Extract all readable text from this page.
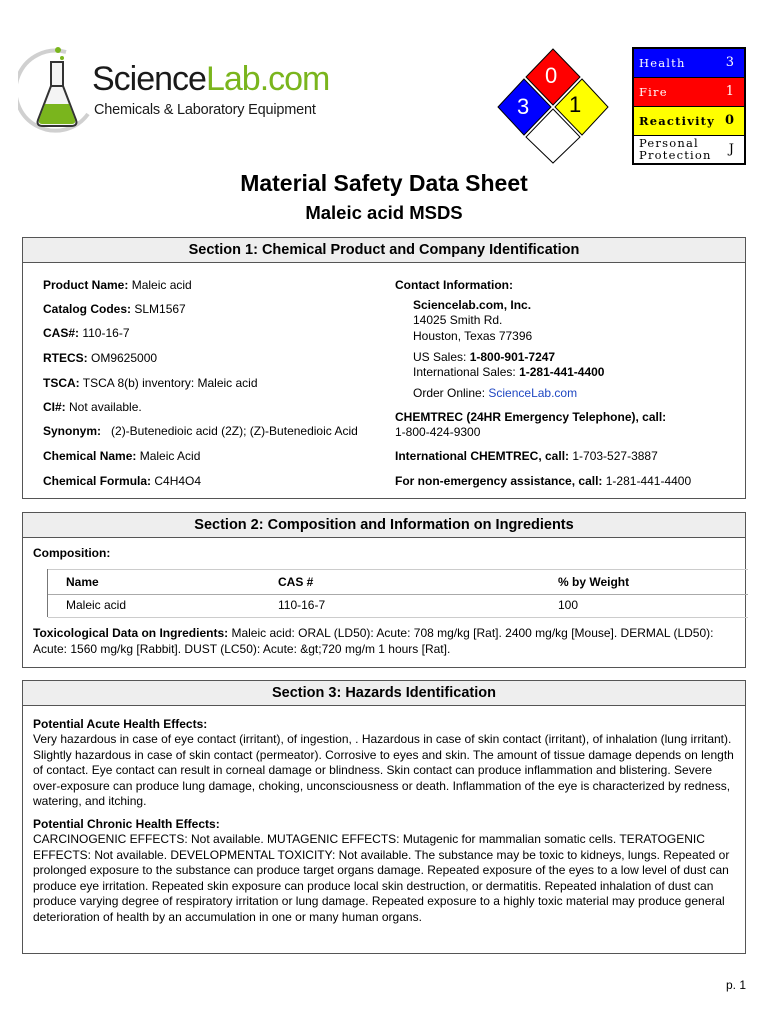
ScienceLab.com
Chemicals & Laboratory Equipment
0
3 1
Health	3
Fire	1
Reactivity 0
Personal
Protection J
Material Safety Data Sheet
Maleic acid MSDS
Section 1: Chemical Product and Company Identification
Product Name: Maleic acid
Catalog Codes: SLM1567
CAS#: 110-16-7
RTECS: OM9625000
TSCA: TSCA 8(b) inventory: Maleic acid
CI#: Not available.
Synonym:   (2)-Butenedioic acid (2Z); (Z)-Butenedioic Acid
Chemical Name: Maleic Acid
Chemical Formula: C4H4O4
Contact Information:
Sciencelab.com, Inc.
14025 Smith Rd.
Houston, Texas 77396
US Sales: 1-800-901-7247
International Sales: 1-281-441-4400
Order Online: ScienceLab.com
CHEMTREC (24HR Emergency Telephone), call:
1-800-424-9300
International CHEMTREC, call: 1-703-527-3887
For non-emergency assistance, call: 1-281-441-4400
Section 2: Composition and Information on Ingredients
Composition:
Name	CAS #	% by Weight
Maleic acid	110-16-7	100
Toxicological Data on Ingredients: Maleic acid: ORAL (LD50): Acute: 708 mg/kg [Rat]. 2400 mg/kg [Mouse]. DERMAL (LD50): Acute: 1560 mg/kg [Rabbit]. DUST (LC50): Acute: &gt;720 mg/m 1 hours [Rat].
Section 3: Hazards Identification
Potential Acute Health Effects:
Very hazardous in case of eye contact (irritant), of ingestion, . Hazardous in case of skin contact (irritant), of inhalation (lung irritant). Slightly hazardous in case of skin contact (permeator). Corrosive to eyes and skin. The amount of tissue damage depends on length of contact. Eye contact can result in corneal damage or blindness. Skin contact can produce inflammation and blistering. Severe over-exposure can produce lung damage, choking, unconsciousness or death. Inflammation of the eye is characterized by redness, watering, and itching.
Potential Chronic Health Effects:
CARCINOGENIC EFFECTS: Not available. MUTAGENIC EFFECTS: Mutagenic for mammalian somatic cells. TERATOGENIC EFFECTS: Not available. DEVELOPMENTAL TOXICITY: Not available. The substance may be toxic to kidneys, lungs. Repeated or prolonged exposure to the substance can produce target organs damage. Repeated exposure of the eyes to a low level of dust can produce eye irritation. Repeated skin exposure can produce local skin destruction, or dermatitis. Repeated inhalation of dust can produce varying degree of respiratory irritation or lung damage. Repeated exposure to a highly toxic material may produce general deterioration of health by an accumulation in one or many human organs.
p. 1
